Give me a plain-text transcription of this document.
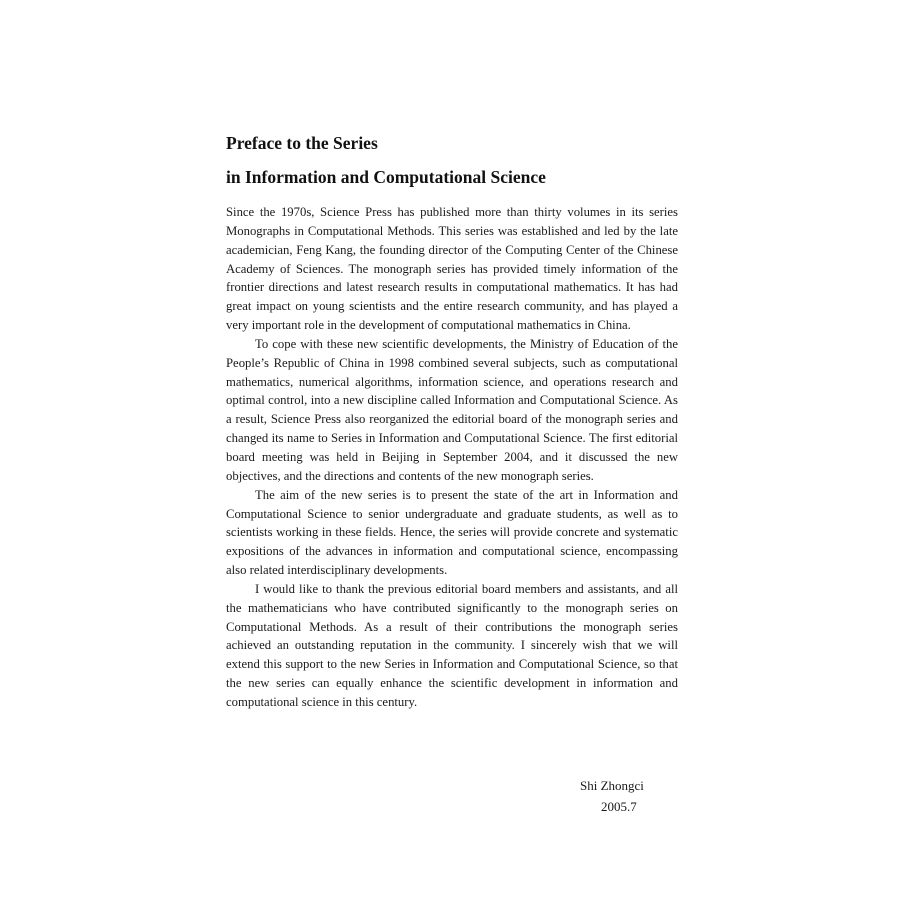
Preface to the Series
in Information and Computational Science

Since the 1970s, Science Press has published more than thirty volumes in its series Monographs in Computational Methods. This series was established and led by the late academician, Feng Kang, the founding director of the Computing Center of the Chinese Academy of Sciences. The monograph series has provided timely information of the frontier directions and latest research results in computational mathematics. It has had great impact on young scientists and the entire research community, and has played a very important role in the development of computational mathematics in China.

To cope with these new scientific developments, the Ministry of Education of the People’s Republic of China in 1998 combined several subjects, such as computational mathematics, numerical algorithms, information science, and operations research and optimal control, into a new discipline called Information and Computational Science. As a result, Science Press also reorganized the editorial board of the monograph series and changed its name to Series in Information and Computational Science. The first editorial board meeting was held in Beijing in September 2004, and it discussed the new objectives, and the directions and contents of the new monograph series.

The aim of the new series is to present the state of the art in Information and Computational Science to senior undergraduate and graduate students, as well as to scientists working in these fields. Hence, the series will provide concrete and systematic expositions of the advances in information and computational science, encompassing also related interdisciplinary developments.

I would like to thank the previous editorial board members and assistants, and all the mathematicians who have contributed significantly to the monograph series on Computational Methods. As a result of their contributions the monograph series achieved an outstanding reputation in the community. I sincerely wish that we will extend this support to the new Series in Information and Computational Science, so that the new series can equally enhance the scientific development in information and computational science in this century.

Shi Zhongci
2005.7
